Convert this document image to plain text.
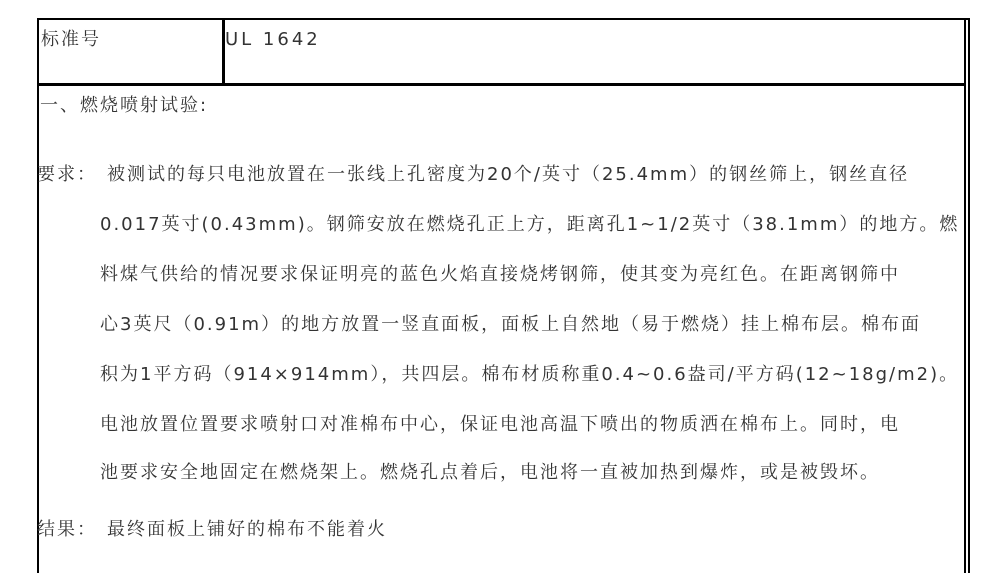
标准号	UL 1642
一、燃烧喷射试验:
要求： 被测试的每只电池放置在一张线上孔密度为20个/英寸（25.4mm）的钢丝筛上，钢丝直径
0.017英寸(0.43mm)。钢筛安放在燃烧孔正上方，距离孔1~1/2英寸（38.1mm）的地方。燃
料煤气供给的情况要求保证明亮的蓝色火焰直接烧烤钢筛，使其变为亮红色。在距离钢筛中
心3英尺（0.91m）的地方放置一竖直面板，面板上自然地（易于燃烧）挂上棉布层。棉布面
积为1平方码（914×914mm），共四层。棉布材质称重0.4~0.6盎司/平方码(12~18g/m2)。
电池放置位置要求喷射口对准棉布中心，保证电池高温下喷出的物质洒在棉布上。同时，电
池要求安全地固定在燃烧架上。燃烧孔点着后，电池将一直被加热到爆炸，或是被毁坏。
结果： 最终面板上铺好的棉布不能着火
